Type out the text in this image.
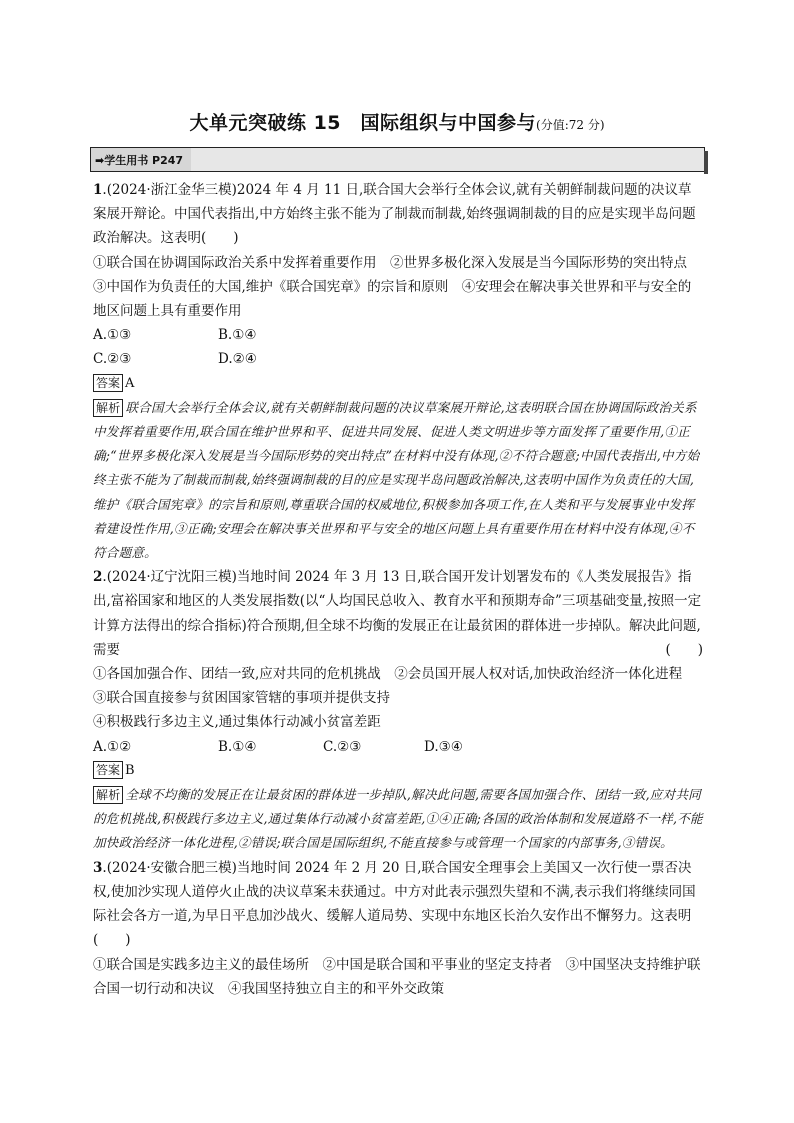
大单元突破练 15　国际组织与中国参与(分值:72 分)
➡学生用书 P247

1.(2024·浙江金华三模)2024 年 4 月 11 日,联合国大会举行全体会议,就有关朝鲜制裁问题的决议草案展开辩论。中国代表指出,中方始终主张不能为了制裁而制裁,始终强调制裁的目的应是实现半岛问题政治解决。这表明(　　)

①联合国在协调国际政治关系中发挥着重要作用　②世界多极化深入发展是当今国际形势的突出特点 ③中国作为负责任的大国,维护《联合国宪章》的宗旨和原则　④安理会在解决事关世界和平与安全的地区问题上具有重要作用

A.①③	B.①④
C.②③	D.②④

答案 A

解析 联合国大会举行全体会议,就有关朝鲜制裁问题的决议草案展开辩论,这表明联合国在协调国际政治关系中发挥着重要作用,联合国在维护世界和平、促进共同发展、促进人类文明进步等方面发挥了重要作用,①正确;“世界多极化深入发展是当今国际形势的突出特点”在材料中没有体现,②不符合题意;中国代表指出,中方始终主张不能为了制裁而制裁,始终强调制裁的目的应是实现半岛问题政治解决,这表明中国作为负责任的大国,维护《联合国宪章》的宗旨和原则,尊重联合国的权威地位,积极参加各项工作,在人类和平与发展事业中发挥着建设性作用,③正确;安理会在解决事关世界和平与安全的地区问题上具有重要作用在材料中没有体现,④不符合题意。

2.(2024·辽宁沈阳三模)当地时间 2024 年 3 月 13 日,联合国开发计划署发布的《人类发展报告》指出,富裕国家和地区的人类发展指数(以“人均国民总收入、教育水平和预期寿命”三项基础变量,按照一定计算方法得出的综合指标)符合预期,但全球不均衡的发展正在让最贫困的群体进一步掉队。解决此问题,需要	(　　)

①各国加强合作、团结一致,应对共同的危机挑战　②会员国开展人权对话,加快政治经济一体化进程　③联合国直接参与贫困国家管辖的事项并提供支持

④积极践行多边主义,通过集体行动减小贫富差距

A.①②	B.①④	C.②③	D.③④

答案 B

解析 全球不均衡的发展正在让最贫困的群体进一步掉队,解决此问题,需要各国加强合作、团结一致,应对共同的危机挑战,积极践行多边主义,通过集体行动减小贫富差距,①④正确;各国的政治体制和发展道路不一样,不能加快政治经济一体化进程,②错误;联合国是国际组织,不能直接参与或管理一个国家的内部事务,③错误。

3.(2024·安徽合肥三模)当地时间 2024 年 2 月 20 日,联合国安全理事会上美国又一次行使一票否决权,使加沙实现人道停火止战的决议草案未获通过。中方对此表示强烈失望和不满,表示我们将继续同国际社会各方一道,为早日平息加沙战火、缓解人道局势、实现中东地区长治久安作出不懈努力。这表明(　　)

①联合国是实践多边主义的最佳场所　②中国是联合国和平事业的坚定支持者　③中国坚决支持维护联合国一切行动和决议　④我国坚持独立自主的和平外交政策
